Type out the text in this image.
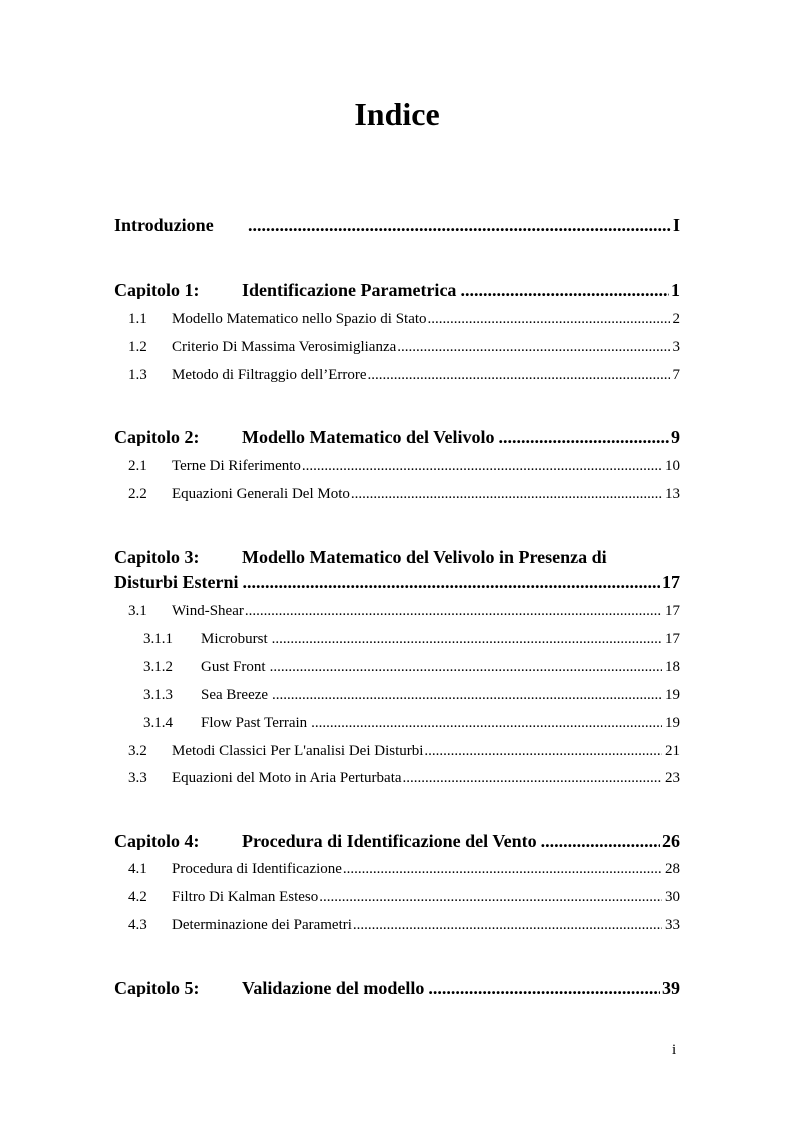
Indice
Introduzione .....	I
Capitolo 1:	Identificazione Parametrica .....	1
1.1	Modello Matematico nello Spazio di Stato .....	2
1.2	Criterio Di Massima Verosimiglianza .....	3
1.3	Metodo di Filtraggio dell’Errore .....	7
Capitolo 2:	Modello Matematico del Velivolo .....	9
2.1	Terne Di Riferimento .....	10
2.2	Equazioni Generali Del Moto .....	13
Capitolo 3: Modello Matematico del Velivolo in Presenza di
Disturbi Esterni .....	17
3.1	Wind-Shear .....	17
3.1.1	Microburst .....	17
3.1.2	Gust Front .....	18
3.1.3	Sea Breeze .....	19
3.1.4	Flow Past Terrain .....	19
3.2	Metodi Classici Per L'analisi Dei Disturbi .....	21
3.3	Equazioni del Moto in Aria Perturbata .....	23
Capitolo 4:	Procedura di Identificazione del Vento .....	26
4.1	Procedura di Identificazione .....	28
4.2	Filtro Di Kalman Esteso .....	30
4.3	Determinazione dei Parametri .....	33
Capitolo 5:	Validazione del modello .....	39
i
